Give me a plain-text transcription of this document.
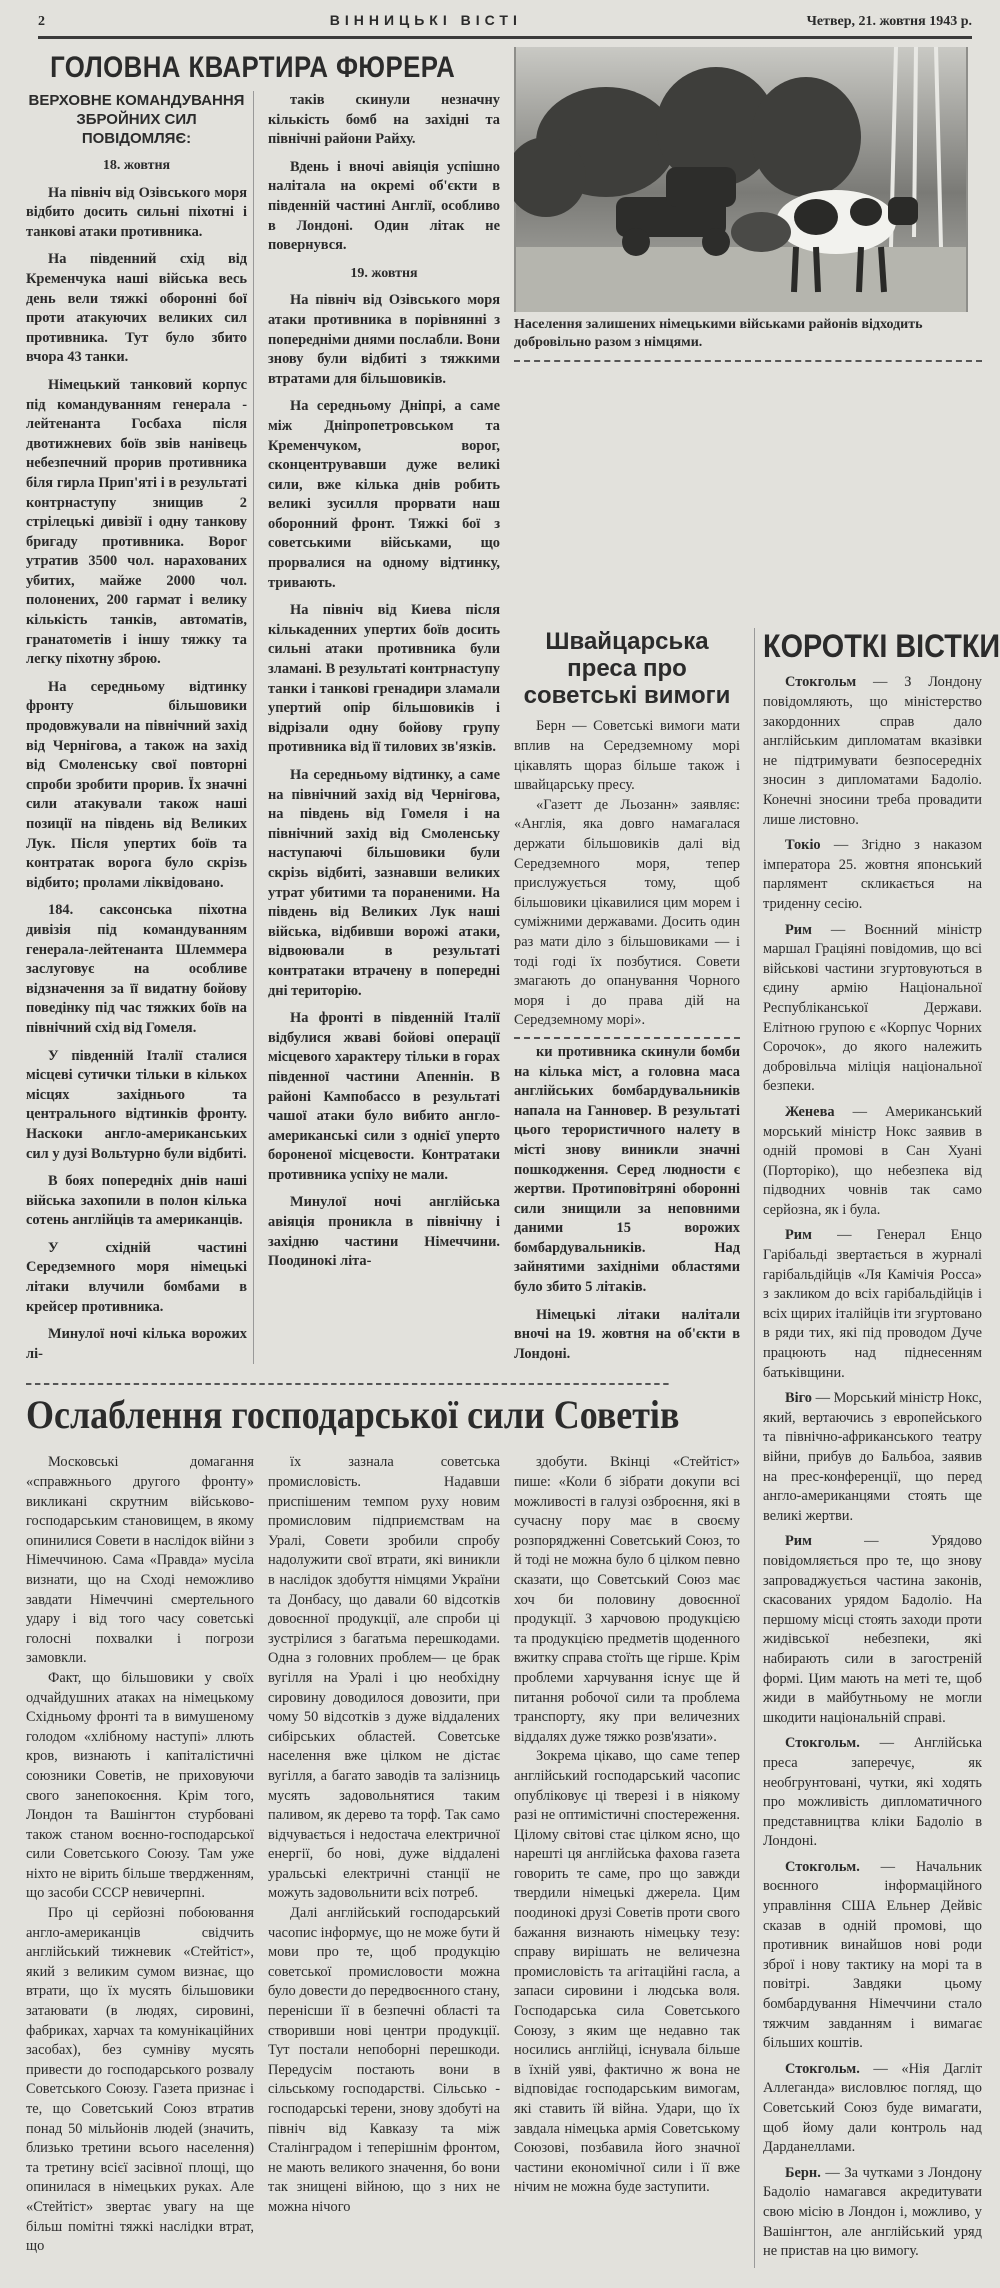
2	ВІННИЦЬКІ ВІСТІ	Четвер, 21. жовтня 1943 р.
ГОЛОВНА КВАРТИРА ФЮРЕРА
ВЕРХОВНЕ КОМАНДУВАННЯ ЗБРОЙНИХ СИЛ ПОВІДОМЛЯЄ:
18. жовтня

На північ від Озівського моря відбито досить сильні піхотні і танкові атаки противника.

На південний схід від Кременчука наші війська весь день вели тяжкі оборонні бої проти атакуючих великих сил противника. Тут було збито вчора 43 танки.

Німецький танковий корпус під командуванням генерала - лейтенанта Госбаха після двотижневих боїв звів нанівець небезпечний прорив противника біля гирла Прип'яті і в результаті контрнаступу знищив 2 стрілецькі дивізії і одну танкову бригаду противника. Ворог утратив 3500 чол. нарахованих убитих, майже 2000 чол. полонених, 200 гармат і велику кількість танків, автоматів, гранатометів і іншу тяжку та легку піхотну зброю.

На середньому відтинку фронту більшовики продовжували на північний захід від Чернігова, а також на захід від Смоленську свої повторні спроби зробити прорив. Їх значні сили атакували також наші позиції на південь від Великих Лук. Після упертих боїв та контратак ворога було скрізь відбито; пролами ліквідовано.

184. саксонська піхотна дивізія під командуванням генерала-лейтенанта Шлеммера заслуговує на особливе відзначення за її видатну бойову поведінку під час тяжких боїв на північний схід від Гомеля.

У південній Італії сталися місцеві сутички тільки в кількох місцях західнього та центрального відтинків фронту. Наскоки англо-американських сил у дузі Вольтурно були відбиті.

В боях попередніх днів наші війська захопили в полон кілька сотень англійців та американців.

У східній частині Середземного моря німецькі літаки влучили бомбами в крейсер противника.

Минулої ночі кілька ворожих лі-

таків скинули незначну кількість бомб на західні та північні райони Райху.

Вдень і вночі авіяція успішно налітала на окремі об'єкти в південній частині Англії, особливо в Лондоні. Один літак не повернувся.

19. жовтня

На північ від Озівського моря атаки противника в порівнянні з попередніми днями послабли. Вони знову були відбиті з тяжкими втратами для більшовиків.

На середньому Дніпрі, а саме між Дніпропетровськом та Кременчуком, ворог, сконцентрувавши дуже великі сили, вже кілька днів робить великі зусилля прорвати наш оборонний фронт. Тяжкі бої з советськими військами, що прорвалися на одному відтинку, тривають.

На північ від Киева після кількаденних упертих боїв досить сильні атаки противника були зламані. В результаті контрнаступу танки і танкові гренадири зламали упертий опір більшовиків і відрізали одну бойову групу противника від її тилових зв'язків.

На середньому відтинку, а саме на північний захід від Чернігова, на південь від Гомеля і на північний захід від Смоленську наступаючі більшовики були скрізь відбиті, зазнавши великих утрат убитими та пораненими. На південь від Великих Лук наші війська, відбивши ворожі атаки, відвоювали в результаті контратаки втрачену в попередні дні територію.

На фронті в південній Італії відбулися жваві бойові операції місцевого характеру тільки в горах південної частини Апеннін. В районі Кампобассо в результаті чашої атаки було вибито англо- американські сили з однієї уперто бороненої місцевости. Контратаки противника успіху не мали.

Минулої ночі англійська авіяція проникла в північну і західню частини Німеччини. Поодинокі літа-

Населення залишених німецькими військами районів відходить добровільно разом з німцями.
Швайцарська преса про советські вимоги

Берн — Советські вимоги мати вплив на Середземному морі цікавлять щораз більше також і швайцарську пресу.

«Газетт де Льозанн» заявляє: «Англія, яка довго намагалася держати більшовиків далі від Середземного моря, тепер прислужується тому, щоб більшовики цікавилися цим морем і суміжними державами. Досить один раз мати діло з більшовиками — і тоді годі їх позбутися. Совети змагають до опанування Чорного моря і до права дій на Середземному морі».

ки противника скинули бомби на кілька міст, а головна маса англійських бомбардувальників напала на Ганновер. В результаті цього терористичного налету в місті знову виникли значні пошкодження. Серед людности є жертви. Протиповітряні оборонні сили знищили за неповними даними 15 ворожих бомбардувальників. Над зайнятими західніми областями було збито 5 літаків.

Німецькі літаки налітали вночі на 19. жовтня на об'єкти в Лондоні.

КОРОТКІ ВІСТКИ

Стокгольм — З Лондону повідомляють, що міністерство закордонних справ дало англійським дипломатам вказівки не підтримувати безпосередніх зносин з дипломатами Бадоліо. Конечні зносини треба провадити лише листовно.

Токіо — Згідно з наказом імператора 25. жовтня японський парлямент скликається на триденну сесію.

Рим — Воєнний міністр маршал Граціяні повідомив, що всі військові частини згуртовуються в єдину армію Національної Республіканської Держави. Елітною групою є «Корпус Чорних Сорочок», до якого належить добровільча міліція національної безпеки.

Женева — Американський морський міністр Нокс заявив в одній промові в Сан Хуані (Порторіко), що небезпека від підводних човнів так само серйозна, як і була.

Рим — Генерал Енцо Гарібальді звертається в журналі гарібальдійців «Ля Камічія Росса» з закликом до всіх гарібальдійців і всіх щирих італійців іти згуртовано в ряди тих, які під проводом Дуче працюють над піднесенням батьківщини.

Віго — Морський міністр Нокс, який, вертаючись з европейського та північно-африканського театру війни, прибув до Бальбоа, заявив на прес-конференції, що перед англо-американцями стоять ще великі жертви.

Рим — Урядово повідомляється про те, що знову запроваджується частина законів, скасованих урядом Бадоліо. На першому місці стоять заходи проти жидівської небезпеки, які набирають сили в загостреній формі. Цим мають на меті те, щоб жиди в майбутньому не могли шкодити національній справі.

Стокгольм. — Англійська преса заперечує, як необгрунтовані, чутки, які ходять про можливість дипломатичного представництва кліки Бадоліо в Лондоні.

Стокгольм. — Начальник воєнного інформаційного управління США Ельнер Дейвіс сказав в одній промові, що противник винайшов нові роди зброї і нову тактику на морі та в повітрі. Завдяки цьому бомбардування Німеччини стало тяжчим завданням і вимагає більших коштів.

Стокгольм. — «Нія Дагліт Аллеганда» висловлює погляд, що Советський Союз буде вимагати, щоб йому дали контроль над Дарданеллами.

Берн. — За чутками з Лондону Бадоліо намагався акредитувати свою місію в Лондон і, можливо, у Вашінгтон, але англійський уряд не пристав на цю вимогу.

Ослаблення господарської сили Советів

Московські домагання «справжнього другого фронту» викликані скрутним військово-господарським становищем, в якому опинилися Совети в наслідок війни з Німеччиною. Сама «Правда» мусіла визнати, що на Сході неможливо завдати Німеччині смертельного удару і від того часу советські голосні похвалки і погрози замовкли.

Факт, що більшовики у своїх одчайдушних атаках на німецькому Східньому фронті та в вимушеному голодом «хлібному наступі» ллють кров, визнають і капіталістичні союзники Советів, не приховуючи свого занепокоєння. Крім того, Лондон та Вашінгтон стурбовані також станом воєнно-господарської сили Советського Союзу. Там уже ніхто не вірить більше твердженням, що засоби СССР невичерпні.

Про ці серйозні побоювання англо-американців свідчить англійський тижневик «Стейтіст», який з великим сумом визнає, що втрати, що їх мусять більшовики затаювати (в людях, сировині, фабриках, харчах та комунікаційних засобах), без сумніву мусять привести до господарського розвалу Советського Союзу. Газета признає і те, що Советський Союз втратив понад 50 мільйонів людей (значить, близько третини всього населення) та третину всієї засівної площі, що опинилася в німецьких руках. Але «Стейтіст» звертає увагу на ще більш помітні тяжкі наслідки втрат, що

їх зазнала советська промисловість. Надавши приспішеним темпом руху новим промисловим підприємствам на Уралі, Совети зробили спробу надолужити свої втрати, які виникли в наслідок здобуття німцями України та Донбасу, що давали 60 відсотків довоєнної продукції, але спроби ці зустрілися з багатьма перешкодами. Одна з головних проблем— це брак вугілля на Уралі і цю необхідну сировину доводилося довозити, при чому 50 відсотків з дуже віддалених сибірських областей. Советське населення вже цілком не дістає вугілля, а багато заводів та залізниць мусять задовольнятися таким паливом, як дерево та торф. Так само відчувається і недостача електричної енергії, бо нові, дуже віддалені уральські електричні станції не можуть задовольнити всіх потреб.

Далі англійський господарський часопис інформує, що не може бути й мови про те, щоб продукцію советської промисловости можна було довести до передвоєнного стану, перенісши її в безпечні області та створивши нові центри продукції. Тут постали непоборні перешкоди. Передусім постають вони в сільському господарстві. Сільсько - господарські терени, знову здобуті на північ від Кавказу та між Сталінградом і теперішнім фронтом, не мають великого значення, бо вони так знищені війною, що з них не можна нічого

здобути. Вкінці «Стейтіст» пише: «Коли б зібрати докупи всі можливості в галузі озброєння, які в сучасну пору має в своєму розпорядженні Советський Союз, то й тоді не можна було б цілком певно сказати, що Советський Союз має хоч би половину довоєнної продукції. З харчовою продукцією та продукцією предметів щоденного вжитку справа стоїть ще гірше. Крім проблеми харчування існує ще й питання робочої сили та проблема транспорту, яку при величезних віддалях дуже тяжко розв'язати».

Зокрема цікаво, що саме тепер англійський господарський часопис опубліковує ці тверезі і в ніякому разі не оптимістичні спостереження. Цілому світові стає цілком ясно, що нарешті ця англійська фахова газета говорить те саме, про що завжди твердили німецькі джерела. Цим поодинокі друзі Советів проти свого бажання визнають німецьку тезу: справу вирішать не величезна промисловість та агітаційні гасла, а запаси сировини і людська воля. Господарська сила Советського Союзу, з яким ще недавно так носились англійці, існувала більше в їхній уяві, фактично ж вона не відповідає господарським вимогам, які ставить їй війна. Удари, що їх завдала німецька армія Советському Союзові, позбавила його значної частини економічної сили і її вже нічим не можна буде заступити.
